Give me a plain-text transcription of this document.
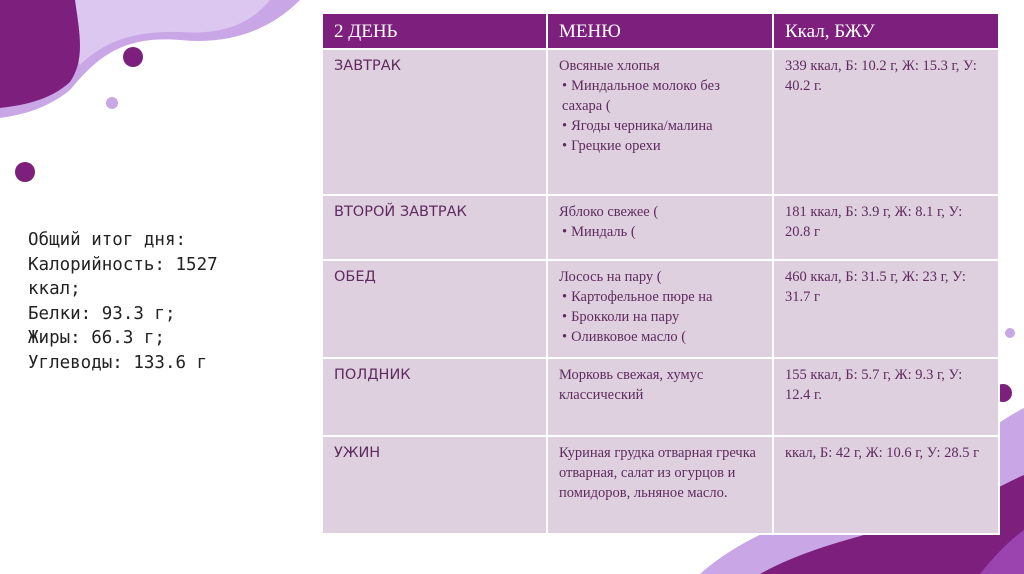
Общий итог дня:
Калорийность: 1527
ккал;
Белки: 93.3 г;
Жиры: 66.3 г;
Углеводы: 133.6 г
2 ДЕНЬ	МЕНЮ	Ккал, БЖУ
ЗАВТРАК	Овсяные хлопья
• Миндальное молоко без сахара (
• Ягоды черника/малина
• Грецкие орехи	339 ккал, Б: 10.2 г, Ж: 15.3 г, У: 40.2 г.
ВТОРОЙ ЗАВТРАК	Яблоко свежее (
• Миндаль (	181 ккал, Б: 3.9 г, Ж: 8.1 г, У: 20.8 г
ОБЕД	Лосось на пару (
• Картофельное пюре на
• Брокколи на пару
• Оливковое масло (	460 ккал, Б: 31.5 г, Ж: 23 г, У: 31.7 г
ПОЛДНИК	Морковь свежая, хумус классический	155 ккал, Б: 5.7 г, Ж: 9.3 г, У: 12.4 г.
УЖИН	Куриная грудка отварная гречка отварная, салат из огурцов и помидоров, льняное масло.	ккал, Б: 42 г, Ж: 10.6 г, У: 28.5 г
